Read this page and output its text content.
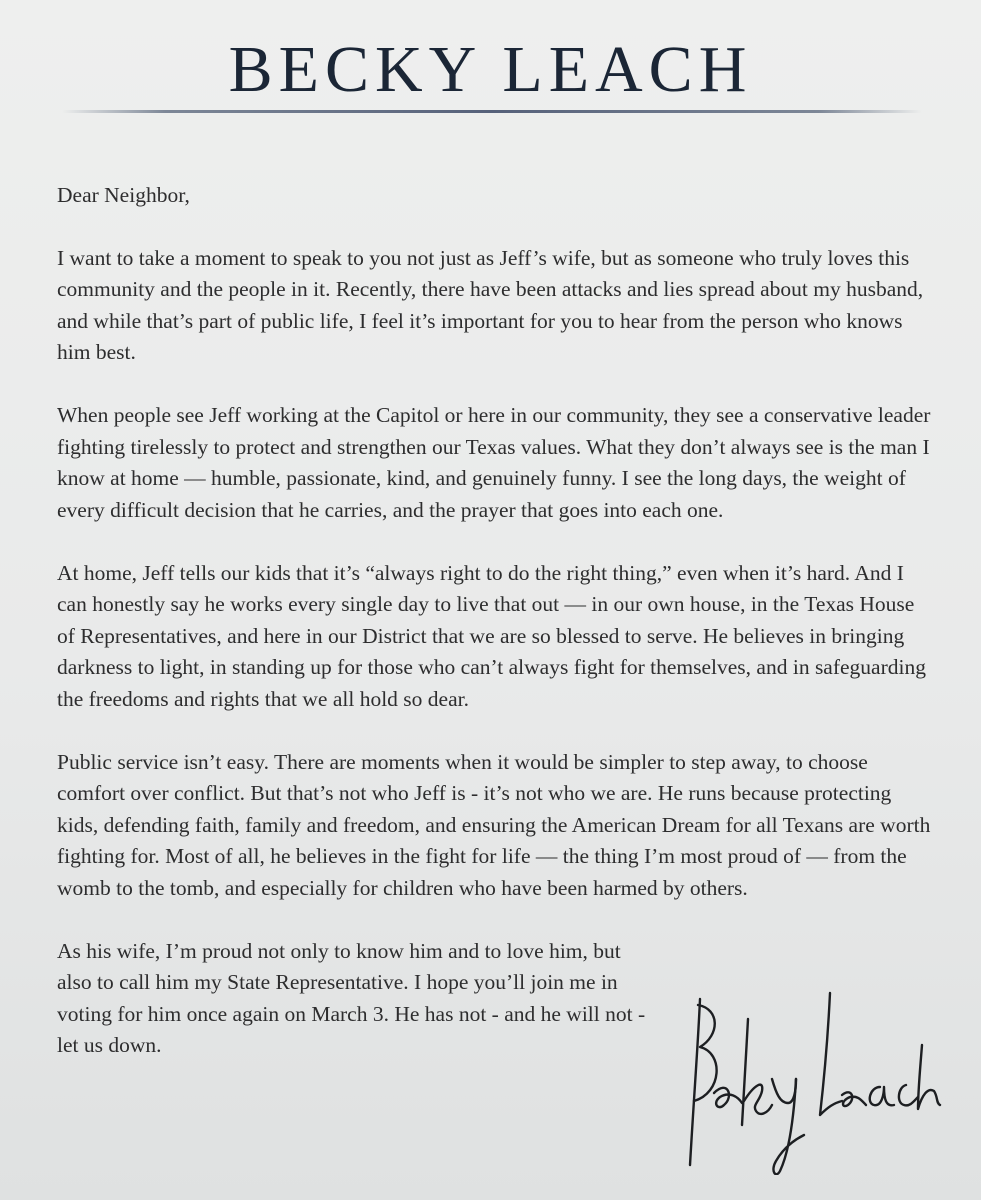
BECKY LEACH

Dear Neighbor,

I want to take a moment to speak to you not just as Jeff’s wife, but as someone who truly loves this community and the people in it. Recently, there have been attacks and lies spread about my husband, and while that’s part of public life, I feel it’s important for you to hear from the person who knows him best.

When people see Jeff working at the Capitol or here in our community, they see a conservative leader fighting tirelessly to protect and strengthen our Texas values. What they don’t always see is the man I know at home — humble, passionate, kind, and genuinely funny. I see the long days, the weight of every difficult decision that he carries, and the prayer that goes into each one.

At home, Jeff tells our kids that it’s “always right to do the right thing,” even when it’s hard. And I can honestly say he works every single day to live that out — in our own house, in the Texas House of Representatives, and here in our District that we are so blessed to serve. He believes in bringing darkness to light, in standing up for those who can’t always fight for themselves, and in safeguarding the freedoms and rights that we all hold so dear.

Public service isn’t easy. There are moments when it would be simpler to step away, to choose comfort over conflict. But that’s not who Jeff is - it’s not who we are. He runs because protecting kids, defending faith, family and freedom, and ensuring the American Dream for all Texans are worth fighting for. Most of all, he believes in the fight for life — the thing I’m most proud of — from the womb to the tomb, and especially for children who have been harmed by others.

As his wife, I’m proud not only to know him and to love him, but also to call him my State Representative. I hope you’ll join me in voting for him once again on March 3. He has not - and he will not - let us down.
